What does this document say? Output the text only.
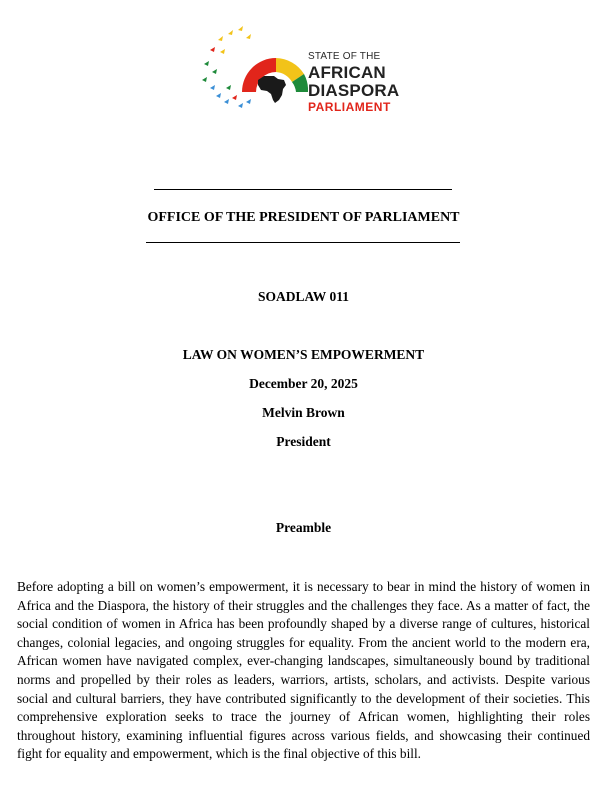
STATE OF THE
AFRICAN
DIASPORA
PARLIAMENT
OFFICE OF THE PRESIDENT OF PARLIAMENT
SOADLAW 011
LAW ON WOMEN’S EMPOWERMENT
December 20, 2025
Melvin Brown
President
Preamble
Before adopting a bill on women’s empowerment, it is necessary to bear in mind the history of women in Africa and the Diaspora, the history of their struggles and the challenges they face. As a matter of fact, the social condition of women in Africa has been profoundly shaped by a diverse range of cultures, historical changes, colonial legacies, and ongoing struggles for equality. From the ancient world to the modern era, African women have navigated complex, ever-changing landscapes, simultaneously bound by traditional norms and propelled by their roles as leaders, warriors, artists, scholars, and activists. Despite various social and cultural barriers, they have contributed significantly to the development of their societies. This comprehensive exploration seeks to trace the journey of African women, highlighting their roles throughout history, examining influential figures across various fields, and showcasing their continued fight for equality and empowerment, which is the final objective of this bill.
